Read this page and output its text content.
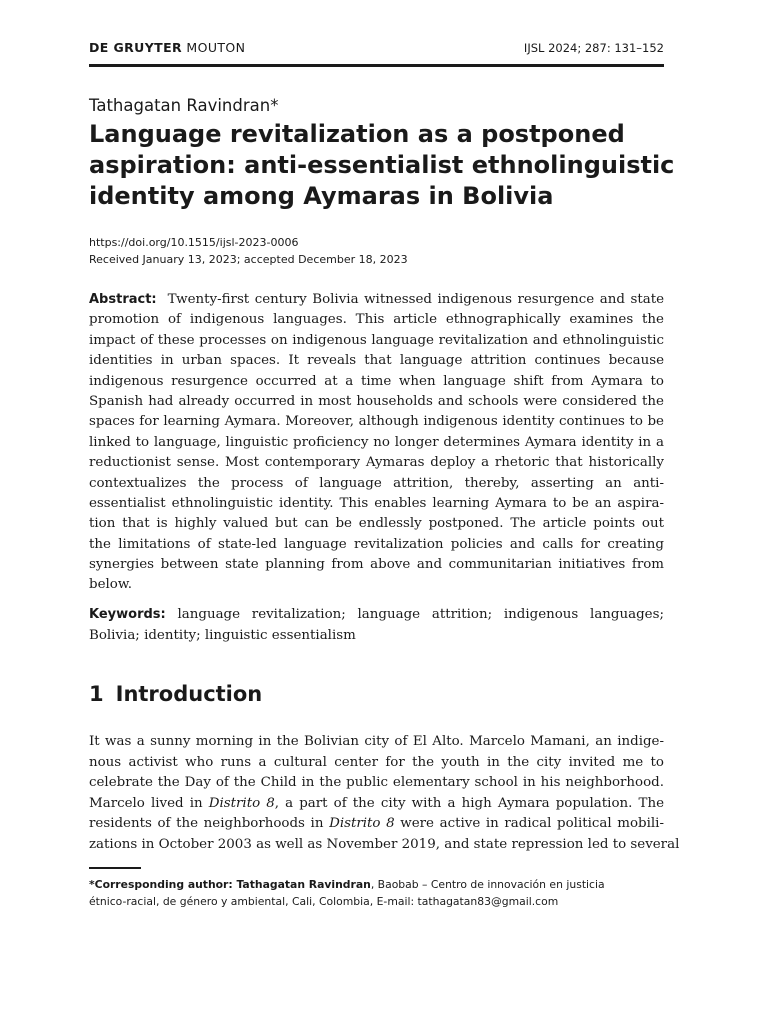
DE GRUYTER MOUTON	IJSL 2024; 287: 131–152
Tathagatan Ravindran*
Language revitalization as a postponed
aspiration: anti-essentialist ethnolinguistic
identity among Aymaras in Bolivia
https://doi.org/10.1515/ijsl-2023-0006
Received January 13, 2023; accepted December 18, 2023
Abstract: Twenty-first century Bolivia witnessed indigenous resurgence and state
promotion of indigenous languages. This article ethnographically examines the
impact of these processes on indigenous language revitalization and ethnolinguistic
identities in urban spaces. It reveals that language attrition continues because
indigenous resurgence occurred at a time when language shift from Aymara to
Spanish had already occurred in most households and schools were considered the
spaces for learning Aymara. Moreover, although indigenous identity continues to be
linked to language, linguistic proficiency no longer determines Aymara identity in a
reductionist sense. Most contemporary Aymaras deploy a rhetoric that historically
contextualizes the process of language attrition, thereby, asserting an anti-
essentialist ethnolinguistic identity. This enables learning Aymara to be an aspira-
tion that is highly valued but can be endlessly postponed. The article points out
the limitations of state-led language revitalization policies and calls for creating
synergies between state planning from above and communitarian initiatives from
below.
Keywords: language revitalization; language attrition; indigenous languages;
Bolivia; identity; linguistic essentialism
1 Introduction
It was a sunny morning in the Bolivian city of El Alto. Marcelo Mamani, an indige-
nous activist who runs a cultural center for the youth in the city invited me to
celebrate the Day of the Child in the public elementary school in his neighborhood.
Marcelo lived in Distrito 8, a part of the city with a high Aymara population. The
residents of the neighborhoods in Distrito 8 were active in radical political mobili-
zations in October 2003 as well as November 2019, and state repression led to several
*Corresponding author: Tathagatan Ravindran, Baobab – Centro de innovación en justicia
étnico-racial, de género y ambiental, Cali, Colombia, E-mail: tathagatan83@gmail.com
